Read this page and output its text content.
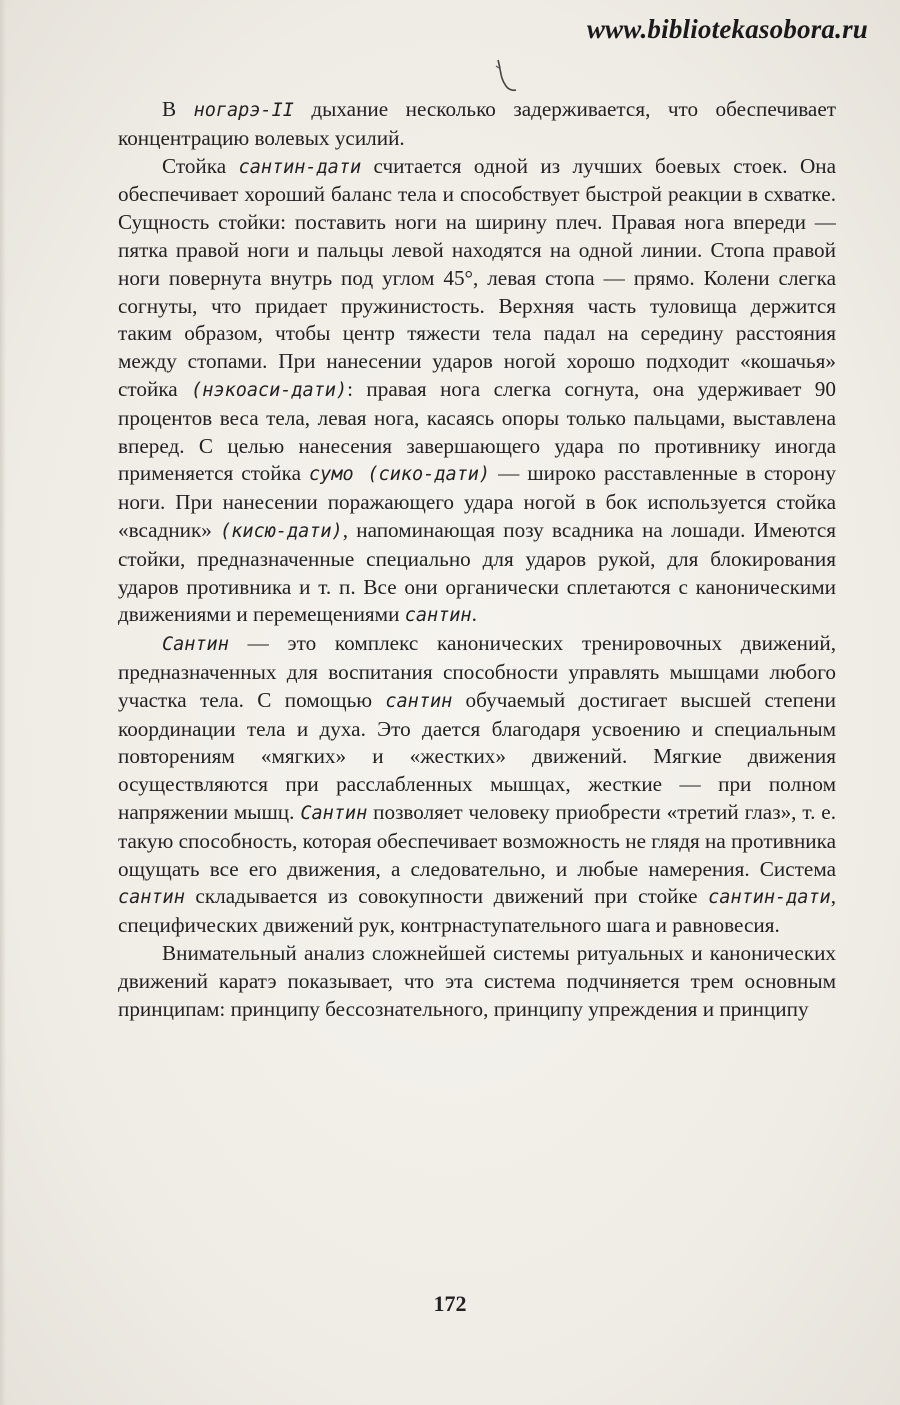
www.bibliotekasobora.ru

В ногарэ-II дыхание несколько задерживается, что обеспечивает концентрацию волевых усилий.

Стойка сантин-дати считается одной из лучших боевых стоек. Она обеспечивает хороший баланс тела и способствует быстрой реакции в схватке. Сущность стойки: поставить ноги на ширину плеч. Правая нога впереди — пятка правой ноги и пальцы левой находятся на одной линии. Стопа правой ноги повернута внутрь под углом 45°, левая стопа — прямо. Колени слегка согнуты, что придает пружинистость. Верхняя часть туловища держится таким образом, чтобы центр тяжести тела падал на середину расстояния между стопами. При нанесении ударов ногой хорошо подходит «кошачья» стойка (нэкоаси-дати): правая нога слегка согнута, она удерживает 90 процентов веса тела, левая нога, касаясь опоры только пальцами, выставлена вперед. С целью нанесения завершающего удара по противнику иногда применяется стойка сумо (сико-дати) — широко расставленные в сторону ноги. При нанесении поражающего удара ногой в бок используется стойка «всадник» (кисю-дати), напоминающая позу всадника на лошади. Имеются стойки, предназначенные специально для ударов рукой, для блокирования ударов противника и т. п. Все они органически сплетаются с каноническими движениями и перемещениями сантин.

Сантин — это комплекс канонических тренировочных движений, предназначенных для воспитания способности управлять мышцами любого участка тела. С помощью сантин обучаемый достигает высшей степени координации тела и духа. Это дается благодаря усвоению и специальным повторениям «мягких» и «жестких» движений. Мягкие движения осуществляются при расслабленных мышцах, жесткие — при полном напряжении мышц. Сантин позволяет человеку приобрести «третий глаз», т. е. такую способность, которая обеспечивает возможность не глядя на противника ощущать все его движения, а следовательно, и любые намерения. Система сантин складывается из совокупности движений при стойке сантин-дати, специфических движений рук, контрнаступательного шага и равновесия.

Внимательный анализ сложнейшей системы ритуальных и канонических движений каратэ показывает, что эта система подчиняется трем основным принципам: принципу бессознательного, принципу упреждения и принципу

172
